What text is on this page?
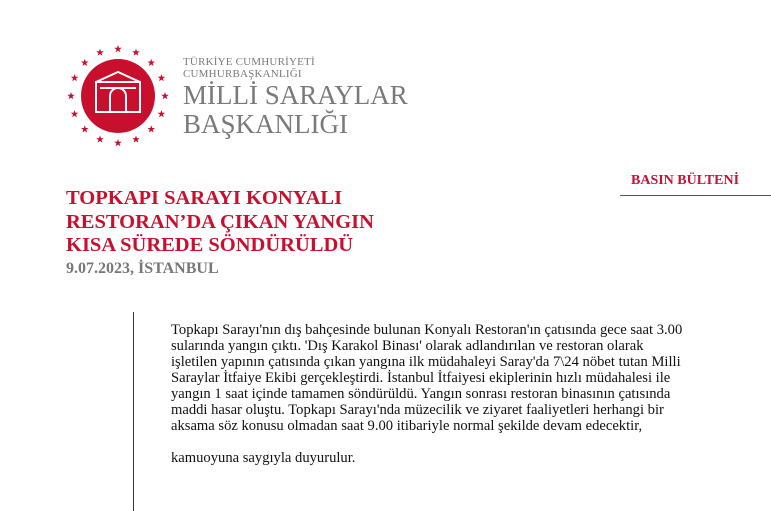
TÜRKİYE CUMHURİYETİ
CUMHURBAŞKANLIĞI
MİLLİ SARAYLAR
BAŞKANLIĞI
BASIN BÜLTENİ
TOPKAPI SARAYI KONYALI
RESTORAN’DA ÇIKAN YANGIN
KISA SÜREDE SÖNDÜRÜLDÜ
9.07.2023, İSTANBUL
Topkapı Sarayı'nın dış bahçesinde bulunan Konyalı Restoran'ın çatısında gece saat 3.00
sularında yangın çıktı. 'Dış Karakol Binası' olarak adlandırılan ve restoran olarak
işletilen yapının çatısında çıkan yangına ilk müdahaleyi Saray'da 7\24 nöbet tutan Milli
Saraylar İtfaiye Ekibi gerçekleştirdi. İstanbul İtfaiyesi ekiplerinin hızlı müdahalesi ile
yangın 1 saat içinde tamamen söndürüldü. Yangın sonrası restoran binasının çatısında
maddi hasar oluştu. Topkapı Sarayı'nda müzecilik ve ziyaret faaliyetleri herhangi bir
aksama söz konusu olmadan saat 9.00 itibariyle normal şekilde devam edecektir,
kamuoyuna saygıyla duyurulur.
